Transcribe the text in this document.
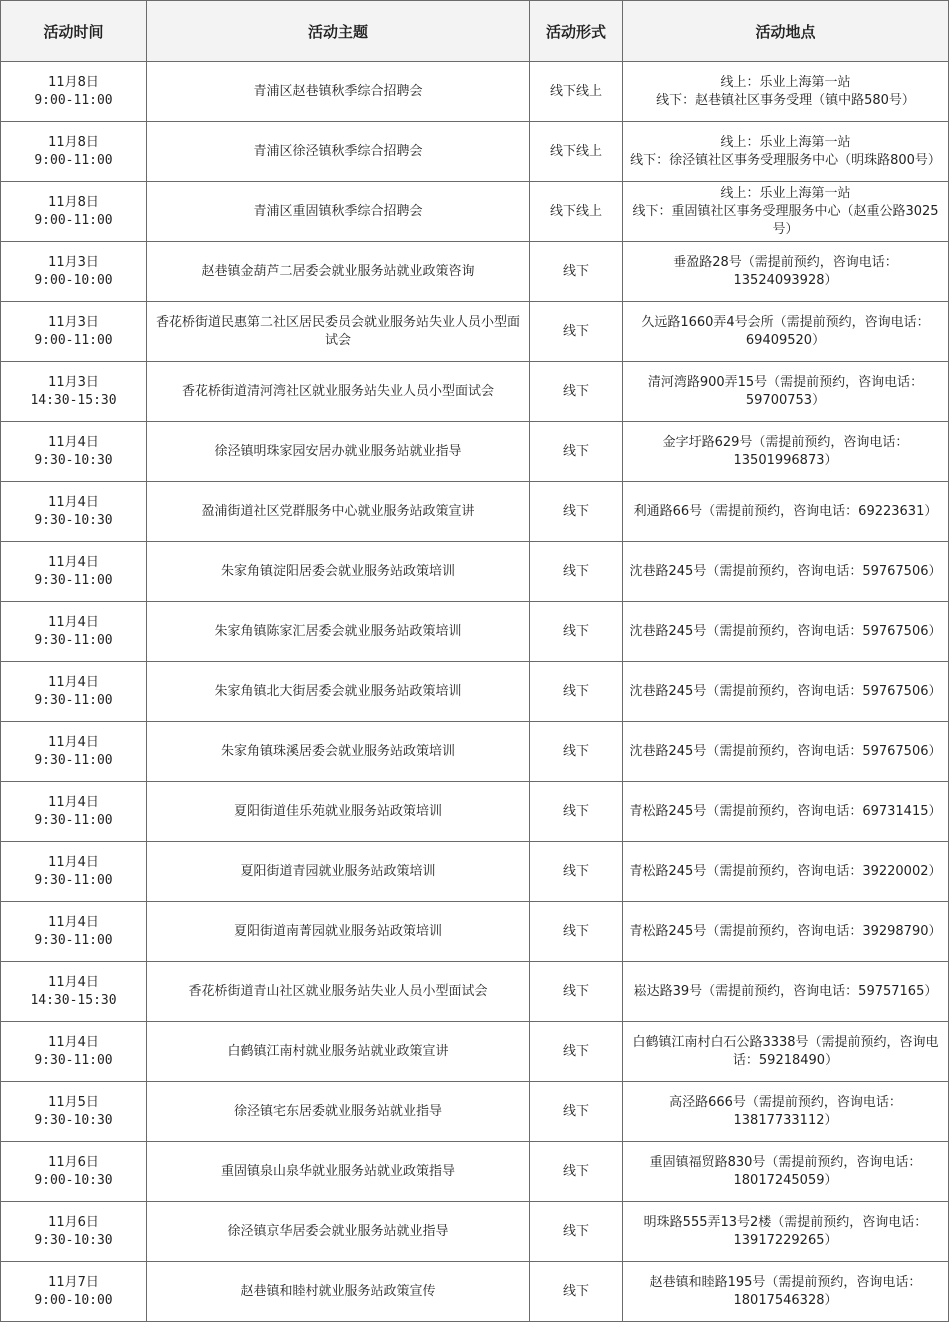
活动时间	活动主题	活动形式	活动地点

11月8日
9:00-11:00	青浦区赵巷镇秋季综合招聘会	线下线上	线上：乐业上海第一站
线下：赵巷镇社区事务受理（镇中路580号）

11月8日
9:00-11:00	青浦区徐泾镇秋季综合招聘会	线下线上	线上：乐业上海第一站
线下：徐泾镇社区事务受理服务中心（明珠路800号）

11月8日
9:00-11:00	青浦区重固镇秋季综合招聘会	线下线上	线上：乐业上海第一站
线下：重固镇社区事务受理服务中心（赵重公路3025号）

11月3日
9:00-10:00	赵巷镇金葫芦二居委会就业服务站就业政策咨询	线下	垂盈路28号（需提前预约，咨询电话：13524093928）

11月3日
9:00-11:00	香花桥街道民惠第二社区居民委员会就业服务站失业人员小型面试会	线下	久远路1660弄4号会所（需提前预约，咨询电话：69409520）

11月3日
14:30-15:30	香花桥街道清河湾社区就业服务站失业人员小型面试会	线下	清河湾路900弄15号（需提前预约，咨询电话：59700753）

11月4日
9:30-10:30	徐泾镇明珠家园安居办就业服务站就业指导	线下	金字圩路629号（需提前预约，咨询电话：13501996873）

11月4日
9:30-10:30	盈浦街道社区党群服务中心就业服务站政策宣讲	线下	利通路66号（需提前预约，咨询电话：69223631）

11月4日
9:30-11:00	朱家角镇淀阳居委会就业服务站政策培训	线下	沈巷路245号（需提前预约，咨询电话：59767506）

11月4日
9:30-11:00	朱家角镇陈家汇居委会就业服务站政策培训	线下	沈巷路245号（需提前预约，咨询电话：59767506）

11月4日
9:30-11:00	朱家角镇北大街居委会就业服务站政策培训	线下	沈巷路245号（需提前预约，咨询电话：59767506）

11月4日
9:30-11:00	朱家角镇珠溪居委会就业服务站政策培训	线下	沈巷路245号（需提前预约，咨询电话：59767506）

11月4日
9:30-11:00	夏阳街道佳乐苑就业服务站政策培训	线下	青松路245号（需提前预约，咨询电话：69731415）

11月4日
9:30-11:00	夏阳街道青园就业服务站政策培训	线下	青松路245号（需提前预约，咨询电话：39220002）

11月4日
9:30-11:00	夏阳街道南菁园就业服务站政策培训	线下	青松路245号（需提前预约，咨询电话：39298790）

11月4日
14:30-15:30	香花桥街道青山社区就业服务站失业人员小型面试会	线下	崧达路39号（需提前预约，咨询电话：59757165）

11月4日
9:30-11:00	白鹤镇江南村就业服务站就业政策宣讲	线下	白鹤镇江南村白石公路3338号（需提前预约，咨询电话：59218490）

11月5日
9:30-10:30	徐泾镇宅东居委就业服务站就业指导	线下	高泾路666号（需提前预约，咨询电话：13817733112）

11月6日
9:00-10:30	重固镇泉山泉华就业服务站就业政策指导	线下	重固镇福贸路830号（需提前预约，咨询电话：18017245059）

11月6日
9:30-10:30	徐泾镇京华居委会就业服务站就业指导	线下	明珠路555弄13号2楼（需提前预约，咨询电话：13917229265）

11月7日
9:00-10:00	赵巷镇和睦村就业服务站政策宣传	线下	赵巷镇和睦路195号（需提前预约，咨询电话：18017546328）
